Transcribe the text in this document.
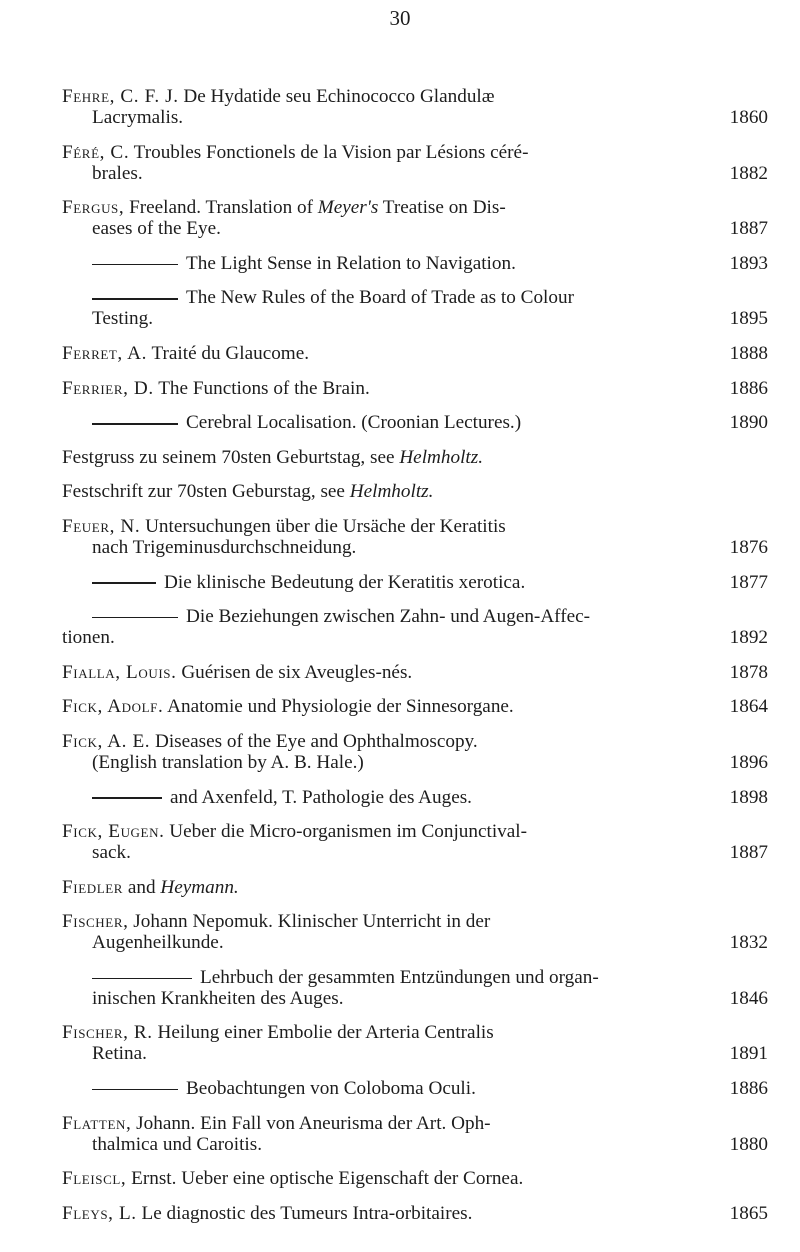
30
Fehre, C. F. J. De Hydatide seu Echinococco Glandulæ
Lacrymalis.	1860
Féré, C. Troubles Fonctionels de la Vision par Lésions céré-
brales.	1882
Fergus, Freeland. Translation of Meyer's Treatise on Dis-
eases of the Eye.	1887
The Light Sense in Relation to Navigation.	1893
The New Rules of the Board of Trade as to Colour
Testing.	1895
Ferret, A. Traité du Glaucome.	1888
Ferrier, D. The Functions of the Brain.	1886
Cerebral Localisation. (Croonian Lectures.)	1890
Festgruss zu seinem 70sten Geburtstag, see Helmholtz.
Festschrift zur 70sten Geburstag, see Helmholtz.
Feuer, N. Untersuchungen über die Ursäche der Keratitis
nach Trigeminusdurchschneidung.	1876
Die klinische Bedeutung der Keratitis xerotica.	1877
Die Beziehungen zwischen Zahn- und Augen-Affec-
tionen.	1892
Fialla, Louis. Guérisen de six Aveugles-nés.	1878
Fick, Adolf. Anatomie und Physiologie der Sinnesorgane.	1864
Fick, A. E. Diseases of the Eye and Ophthalmoscopy.
(English translation by A. B. Hale.)	1896
and Axenfeld, T. Pathologie des Auges.	1898
Fick, Eugen. Ueber die Micro-organismen im Conjunctival-
sack.	1887
Fiedler and Heymann.
Fischer, Johann Nepomuk. Klinischer Unterricht in der
Augenheilkunde.	1832
Lehrbuch der gesammten Entzündungen und organ-
inischen Krankheiten des Auges.	1846
Fischer, R. Heilung einer Embolie der Arteria Centralis
Retina.	1891
Beobachtungen von Coloboma Oculi.	1886
Flatten, Johann. Ein Fall von Aneurisma der Art. Oph-
thalmica und Caroitis.	1880
Fleiscl, Ernst. Ueber eine optische Eigenschaft der Cornea.
Fleys, L. Le diagnostic des Tumeurs Intra-orbitaires.	1865
